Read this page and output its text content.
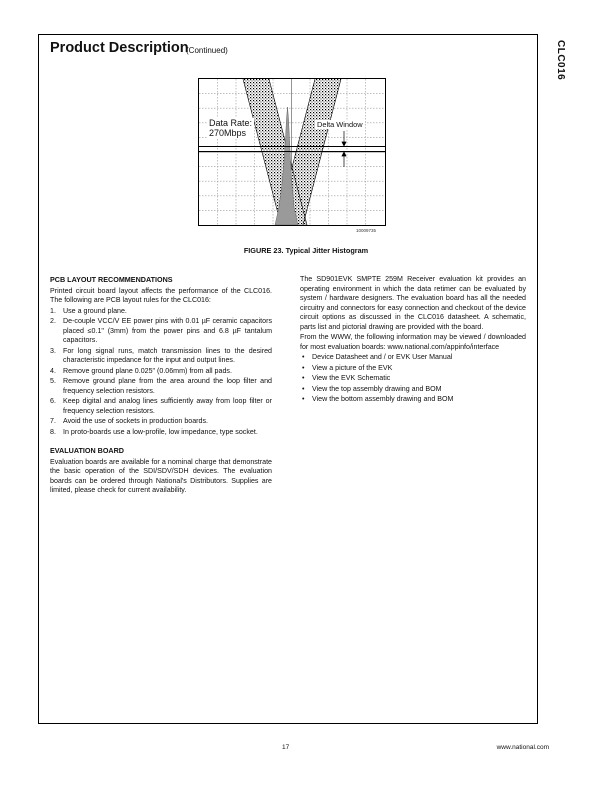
CLC016
Product Description
(Continued)
Data Rate:
270Mbps
Delta Window
10009735
FIGURE 23. Typical Jitter Histogram
PCB LAYOUT RECOMMENDATIONS

Printed circuit board layout affects the performance of the CLC016. The following are PCB layout rules for the CLC016:

1. Use a ground plane.
2. De-couple VCC/V EE power pins with 0.01 µF ceramic capacitors placed ≤0.1" (3mm) from the power pins and 6.8 µF tantalum capacitors.
3. For long signal runs, match transmission lines to the desired characteristic impedance for the input and output lines.
4. Remove ground plane 0.025" (0.06mm) from all pads.
5. Remove ground plane from the area around the loop filter and frequency selection resistors.
6. Keep digital and analog lines sufficiently away from loop filter or frequency selection resistors.
7. Avoid the use of sockets in production boards.
8. In proto-boards use a low-profile, low impedance, type socket.
EVALUATION BOARD

Evaluation boards are available for a nominal charge that demonstrate the basic operation of the SDI/SDV/SDH devices. The evaluation boards can be ordered through National's Distributors. Supplies are limited, please check for current availability.

The SD901EVK SMPTE 259M Receiver evaluation kit provides an operating environment in which the data retimer can be evaluated by system / hardware designers. The evaluation board has all the needed circuitry and connectors for easy connection and checkout of the device circuit options as discussed in the CLC016 datasheet. A schematic, parts list and pictorial drawing are provided with the board.

From the WWW, the following information may be viewed / downloaded for most evaluation boards: www.national.com/appinfo/interface

•	Device Datasheet and / or EVK User Manual
•	View a picture of the EVK
•	View the EVK Schematic
•	View the top assembly drawing and BOM
•	View the bottom assembly drawing and BOM
17	www.national.com
